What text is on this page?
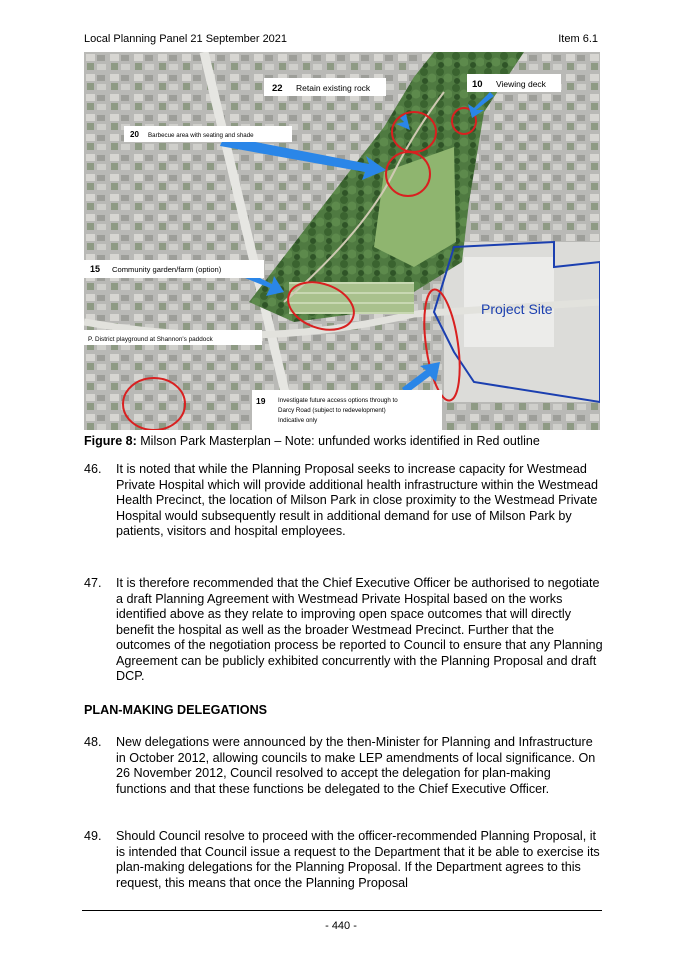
Local Planning Panel 21 September 2021	Item 6.1
22 Retain existing rock	10 Viewing deck
20 Barbecue area with seating and shade
15 Community garden/farm (option)
P. District playground at Shannon's paddock
19 Investigate future access options through to
Darcy Road (subject to redevelopment)
Indicative only
Project Site
Figure 8: Milson Park Masterplan – Note: unfunded works identified in Red outline
46.	It is noted that while the Planning Proposal seeks to increase capacity for Westmead Private Hospital which will provide additional health infrastructure within the Westmead Health Precinct, the location of Milson Park in close proximity to the Westmead Private Hospital would subsequently result in additional demand for use of Milson Park by patients, visitors and hospital employees.
47.	It is therefore recommended that the Chief Executive Officer be authorised to negotiate a draft Planning Agreement with Westmead Private Hospital based on the works identified above as they relate to improving open space outcomes that will directly benefit the hospital as well as the broader Westmead Precinct. Further that the outcomes of the negotiation process be reported to Council to ensure that any Planning Agreement can be publicly exhibited concurrently with the Planning Proposal and draft DCP.
PLAN-MAKING DELEGATIONS
48.	New delegations were announced by the then-Minister for Planning and Infrastructure in October 2012, allowing councils to make LEP amendments of local significance. On 26 November 2012, Council resolved to accept the delegation for plan-making functions and that these functions be delegated to the Chief Executive Officer.
49.	Should Council resolve to proceed with the officer-recommended Planning Proposal, it is intended that Council issue a request to the Department that it be able to exercise its plan-making delegations for the Planning Proposal. If the Department agrees to this request, this means that once the Planning Proposal
- 440 -
